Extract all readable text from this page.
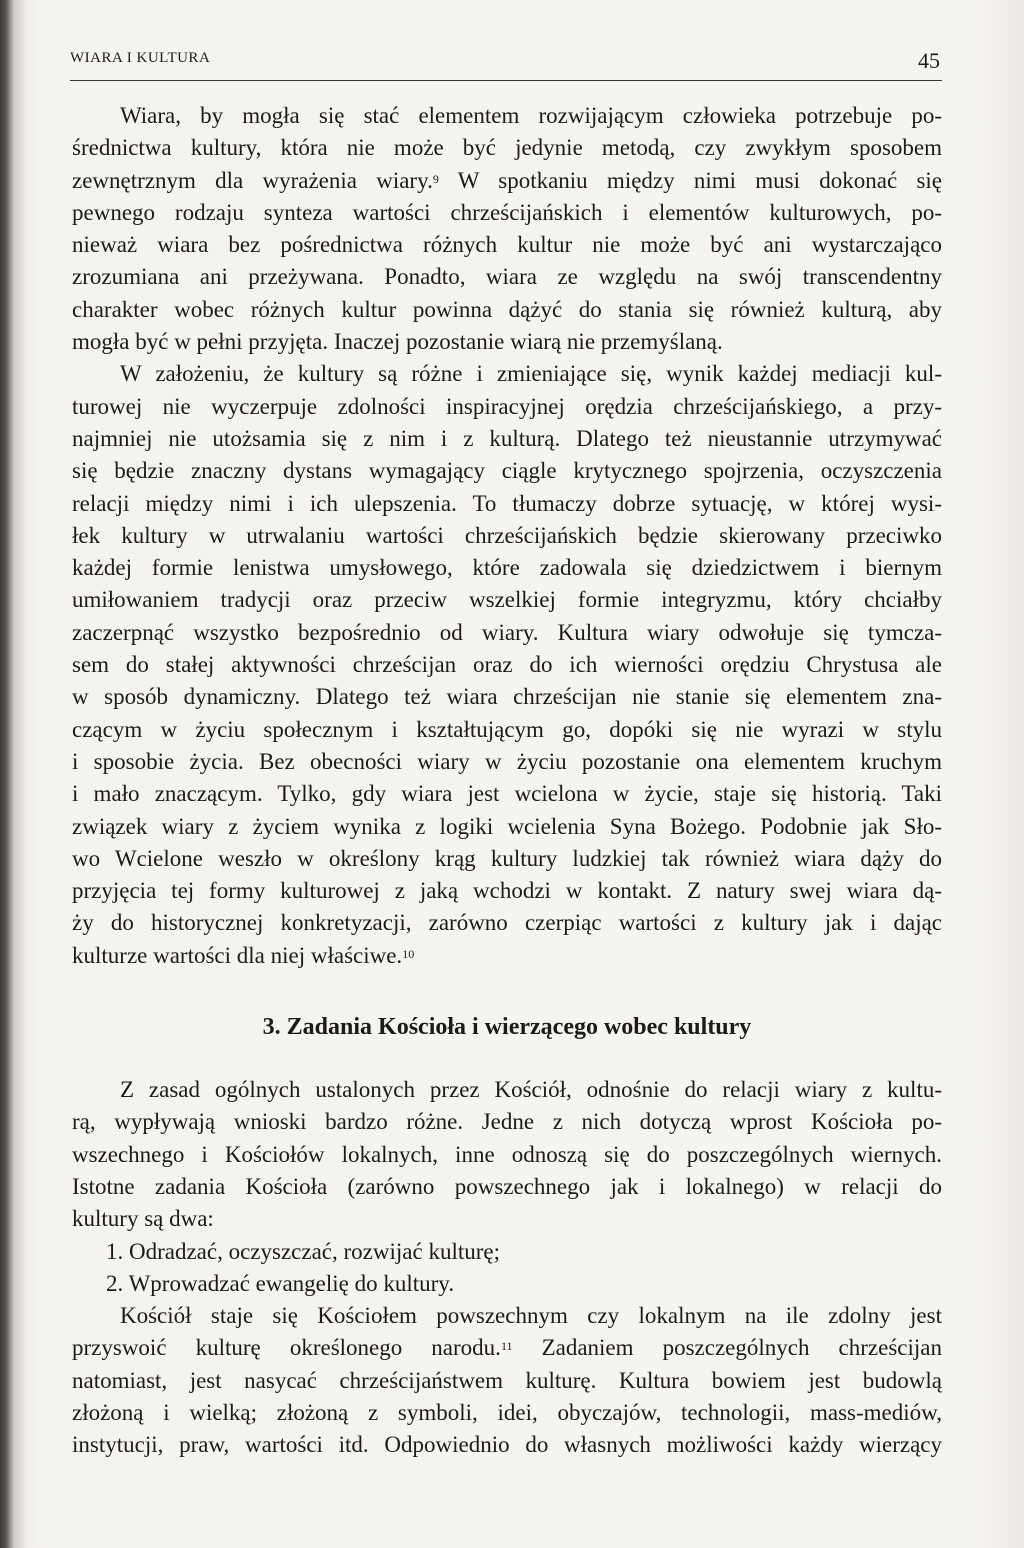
WIARA I KULTURA	45
Wiara, by mogła się stać elementem rozwijającym człowieka potrzebuje po-
średnictwa kultury, która nie może być jedynie metodą, czy zwykłym sposobem
zewnętrznym dla wyrażenia wiary.$^9$ W spotkaniu między nimi musi dokonać się
pewnego rodzaju synteza wartości chrześcijańskich i elementów kulturowych, po-
nieważ wiara bez pośrednictwa różnych kultur nie może być ani wystarczająco
zrozumiana ani przeżywana. Ponadto, wiara ze względu na swój transcendentny
charakter wobec różnych kultur powinna dążyć do stania się również kulturą, aby
mogła być w pełni przyjęta. Inaczej pozostanie wiarą nie przemyślaną.
W założeniu, że kultury są różne i zmieniające się, wynik każdej mediacji kul-
turowej nie wyczerpuje zdolności inspiracyjnej orędzia chrześcijańskiego, a przy-
najmniej nie utożsamia się z nim i z kulturą. Dlatego też nieustannie utrzymywać
się będzie znaczny dystans wymagający ciągle krytycznego spojrzenia, oczyszczenia
relacji między nimi i ich ulepszenia. To tłumaczy dobrze sytuację, w której wysi-
łek kultury w utrwalaniu wartości chrześcijańskich będzie skierowany przeciwko
każdej formie lenistwa umysłowego, które zadowala się dziedzictwem i biernym
umiłowaniem tradycji oraz przeciw wszelkiej formie integryzmu, który chciałby
zaczerpnąć wszystko bezpośrednio od wiary. Kultura wiary odwołuje się tymcza-
sem do stałej aktywności chrześcijan oraz do ich wierności orędziu Chrystusa ale
w sposób dynamiczny. Dlatego też wiara chrześcijan nie stanie się elementem zna-
czącym w życiu społecznym i kształtującym go, dopóki się nie wyrazi w stylu
i sposobie życia. Bez obecności wiary w życiu pozostanie ona elementem kruchym
i mało znaczącym. Tylko, gdy wiara jest wcielona w życie, staje się historią. Taki
związek wiary z życiem wynika z logiki wcielenia Syna Bożego. Podobnie jak Sło-
wo Wcielone weszło w określony krąg kultury ludzkiej tak również wiara dąży do
przyjęcia tej formy kulturowej z jaką wchodzi w kontakt. Z natury swej wiara dą-
ży do historycznej konkretyzacji, zarówno czerpiąc wartości z kultury jak i dając
kulturze wartości dla niej właściwe.$^{10}$
3. Zadania Kościoła i wierzącego wobec kultury
Z zasad ogólnych ustalonych przez Kościół, odnośnie do relacji wiary z kultu-
rą, wypływają wnioski bardzo różne. Jedne z nich dotyczą wprost Kościoła po-
wszechnego i Kościołów lokalnych, inne odnoszą się do poszczególnych wiernych.
Istotne zadania Kościoła (zarówno powszechnego jak i lokalnego) w relacji do
kultury są dwa:
1. Odradzać, oczyszczać, rozwijać kulturę;
2. Wprowadzać ewangelię do kultury.
Kościół staje się Kościołem powszechnym czy lokalnym na ile zdolny jest
przyswoić kulturę określonego narodu.$^{11}$ Zadaniem poszczególnych chrześcijan
natomiast, jest nasycać chrześcijaństwem kulturę. Kultura bowiem jest budowlą
złożoną i wielką; złożoną z symboli, idei, obyczajów, technologii, mass-mediów,
instytucji, praw, wartości itd. Odpowiednio do własnych możliwości każdy wierzący
